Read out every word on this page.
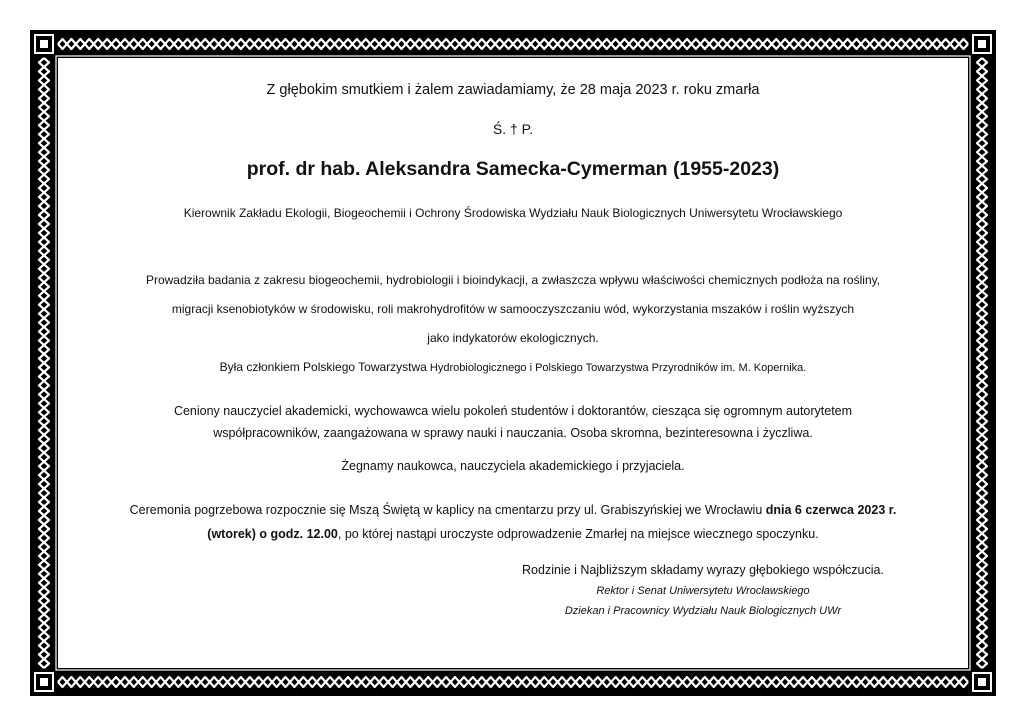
Z głębokim smutkiem i żalem zawiadamiamy, że 28 maja 2023 r. roku zmarła
Ś. † P.
prof. dr hab. Aleksandra Samecka-Cymerman (1955-2023)
Kierownik Zakładu Ekologii, Biogeochemii i Ochrony Środowiska Wydziału Nauk Biologicznych Uniwersytetu Wrocławskiego
Prowadziła badania z zakresu biogeochemii, hydrobiologii i bioindykacji, a zwłaszcza wpływu właściwości chemicznych podłoża na rośliny,
migracji ksenobiotyków w środowisku, roli makrohydrofitów w samooczyszczaniu wód, wykorzystania mszaków i roślin wyższych
jako indykatorów ekologicznych.
Była członkiem Polskiego Towarzystwa Hydrobiologicznego i Polskiego Towarzystwa Przyrodników im. M. Kopernika.
Ceniony nauczyciel akademicki, wychowawca wielu pokoleń studentów i doktorantów, ciesząca się ogromnym autorytetem
współpracowników, zaangażowana w sprawy nauki i nauczania. Osoba skromna, bezinteresowna i życzliwa.
Żegnamy naukowca, nauczyciela akademickiego i przyjaciela.
Ceremonia pogrzebowa rozpocznie się Mszą Świętą w kaplicy na cmentarzu przy ul. Grabiszyńskiej we Wrocławiu dnia 6 czerwca 2023 r.
(wtorek) o godz. 12.00, po której nastąpi uroczyste odprowadzenie Zmarłej na miejsce wiecznego spoczynku.
Rodzinie i Najbliższym składamy wyrazy głębokiego współczucia.
Rektor i Senat Uniwersytetu Wrocławskiego
Dziekan i Pracownicy Wydziału Nauk Biologicznych UWr
